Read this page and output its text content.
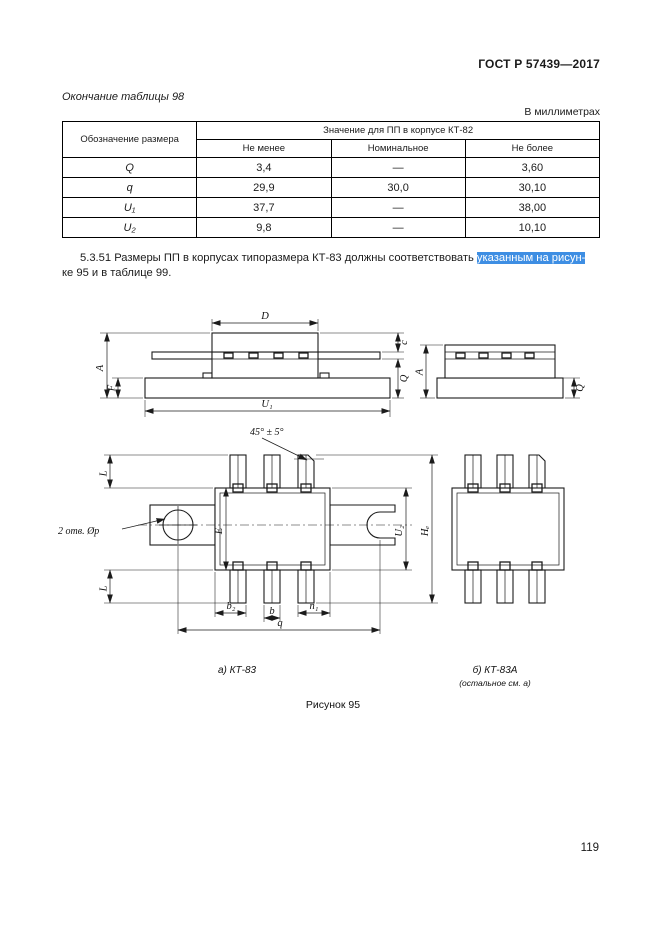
ГОСТ Р 57439—2017
Окончание таблицы 98
В миллиметрах
Обозначение размера	Значение для ПП в корпусе КТ-82		
	Не менее	Номинальное	Не более
Q	3,4	—	3,60
q	29,9	30,0	30,10
U₁	37,7	—	38,00
U₂	9,8	—	10,10
5.3.51 Размеры ПП в корпусах типоразмера КТ-83 должны соответствовать указанным на рисун-
ке 95 и в таблице 99.
D
A
F
c
Q
U₁
A
Q
45° ± 5°
2 отв. Øp
L
L
E	U₂ Hₑ
b₂	b	n₁
q
а) КТ-83	б) КТ-83А
(остальное см. а)
Рисунок 95
119
